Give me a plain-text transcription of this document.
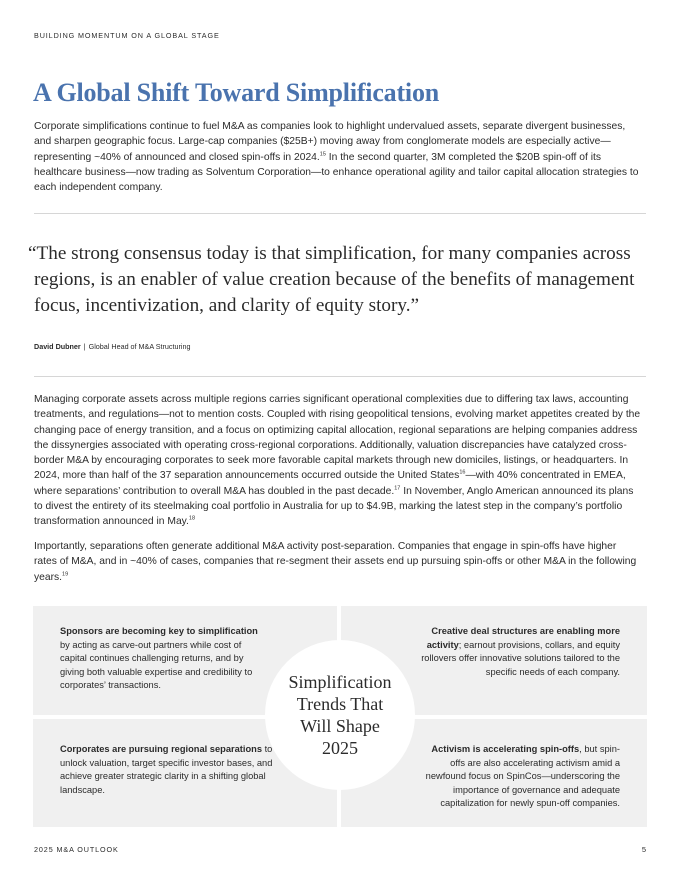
BUILDING MOMENTUM ON A GLOBAL STAGE
A Global Shift Toward Simplification

Corporate simplifications continue to fuel M&A as companies look to highlight undervalued assets, separate divergent businesses, and sharpen geographic focus. Large-cap companies ($25B+) moving away from conglomerate models are especially active—representing ~40% of announced and closed spin-offs in 2024.15 In the second quarter, 3M completed the $20B spin-off of its healthcare business—now trading as Solventum Corporation—to enhance operational agility and tailor capital allocation strategies to each independent company.

“The strong consensus today is that simplification, for many companies across regions, is an enabler of value creation because of the benefits of management focus, incentivization, and clarity of equity story.”

David Dubner | Global Head of M&A Structuring

Managing corporate assets across multiple regions carries significant operational complexities due to differing tax laws, accounting treatments, and regulations—not to mention costs. Coupled with rising geopolitical tensions, evolving market appetites created by the changing pace of energy transition, and a focus on optimizing capital allocation, regional separations are helping companies address the dissynergies associated with operating cross-regional corporations. Additionally, valuation discrepancies have catalyzed cross-border M&A by encouraging corporates to seek more favorable capital markets through new domiciles, listings, or headquarters. In 2024, more than half of the 37 separation announcements occurred outside the United States$^{16}$—with 40% concentrated in EMEA, where separations’ contribution to overall M&A has doubled in the past decade.$^{17}$ In November, Anglo American announced its plans to divest the entirety of its steelmaking coal portfolio in Australia for up to $4.9B, marking the latest step in the company’s portfolio transformation announced in May.$^{18}$

Importantly, separations often generate additional M&A activity post-separation. Companies that engage in spin-offs have higher rates of M&A, and in ~40% of cases, companies that re-segment their assets end up pursuing spin-offs or other M&A in the following years.$^{19}$

Sponsors are becoming key to simplification by acting as carve-out partners while cost of capital continues challenging returns, and by giving both valuable expertise and credibility to corporates’ transactions.
Creative deal structures are enabling more activity; earnout provisions, collars, and equity rollovers offer innovative solutions tailored to the specific needs of each company.
Corporates are pursuing regional separations to unlock valuation, target specific investor bases, and achieve greater strategic clarity in a shifting global landscape.
Activism is accelerating spin-offs, but spin-offs are also accelerating activism amid a newfound focus on SpinCos—underscoring the importance of governance and adequate capitalization for newly spun-off companies.
Simplification Trends That Will Shape 2025
2025 M&A OUTLOOK	5
